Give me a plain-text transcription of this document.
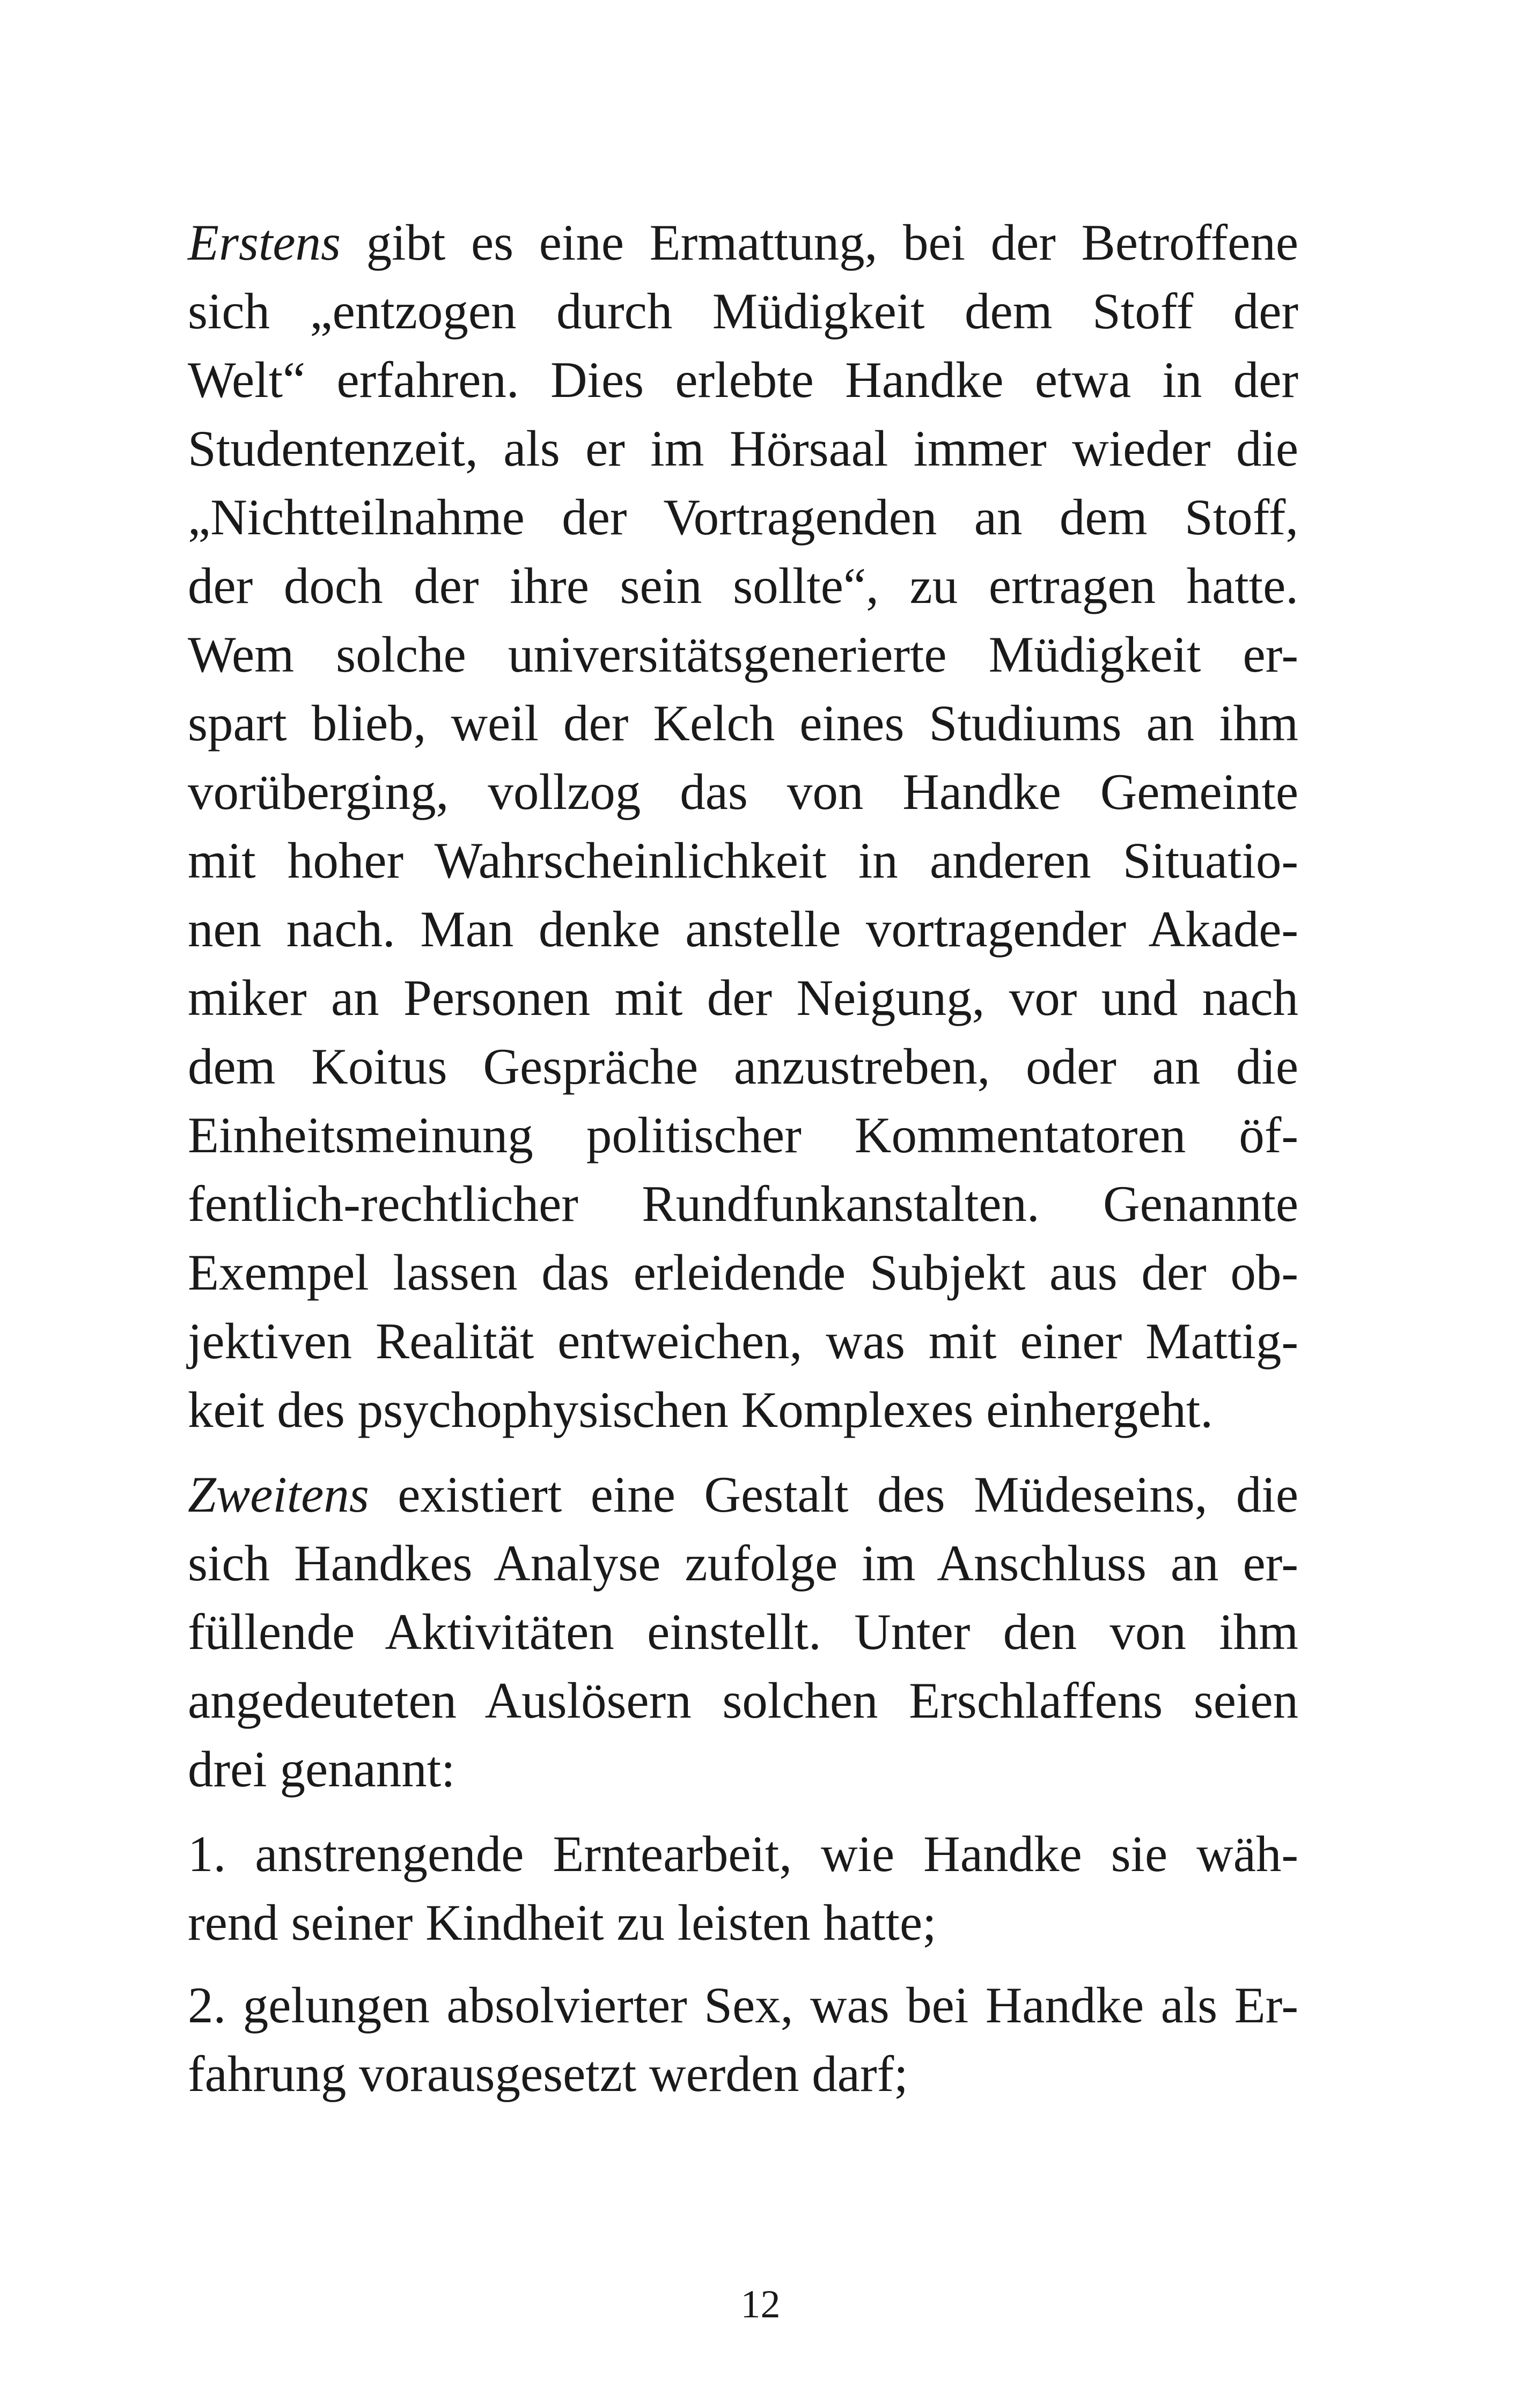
Erstens gibt es eine Ermattung, bei der Betroffene
sich „entzogen durch Müdigkeit dem Stoff der
Welt“ erfahren. Dies erlebte Handke etwa in der
Studentenzeit, als er im Hörsaal immer wieder die
„Nichtteilnahme der Vortragenden an dem Stoff,
der doch der ihre sein sollte“, zu ertragen hatte.
Wem solche universitätsgenerierte Müdigkeit er-
spart blieb, weil der Kelch eines Studiums an ihm
vorüberging, vollzog das von Handke Gemeinte
mit hoher Wahrscheinlichkeit in anderen Situatio-
nen nach. Man denke anstelle vortragender Akade-
miker an Personen mit der Neigung, vor und nach
dem Koitus Gespräche anzustreben, oder an die
Einheitsmeinung politischer Kommentatoren öf-
fentlich-rechtlicher Rundfunkanstalten. Genannte
Exempel lassen das erleidende Subjekt aus der ob-
jektiven Realität entweichen, was mit einer Mattig-
keit des psychophysischen Komplexes einhergeht.
Zweitens existiert eine Gestalt des Müdeseins, die
sich Handkes Analyse zufolge im Anschluss an er-
füllende Aktivitäten einstellt. Unter den von ihm
angedeuteten Auslösern solchen Erschlaffens seien
drei genannt:
1. anstrengende Erntearbeit, wie Handke sie wäh-
rend seiner Kindheit zu leisten hatte;
2. gelungen absolvierter Sex, was bei Handke als Er-
fahrung vorausgesetzt werden darf;
12
